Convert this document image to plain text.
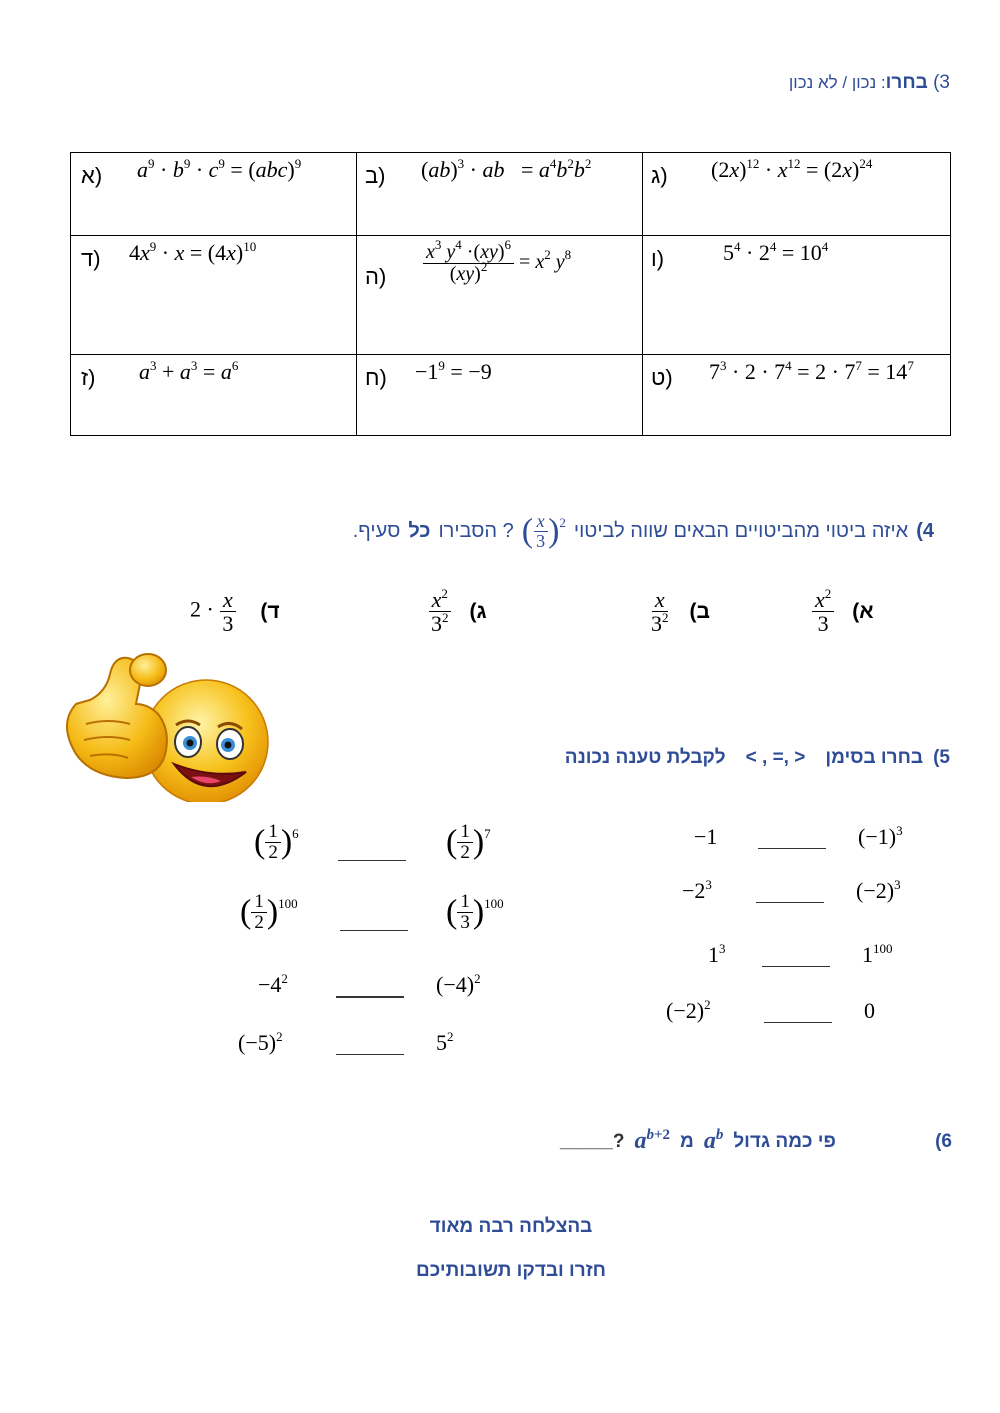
3) בחרו: נכון / לא נכון
א) $a^9 \cdot b^9 \cdot c^9 = (abc)^9$	ב) (ab)$^3$ · ab   = $a^4b^2b^2$	ג) $(2x)^{12} \cdot x^{12} = (2x)^{24}$

ד) $4x^9 \cdot x = (4x)^{10}$	ה) $\frac{x^3 y^4 \cdot(xy)^6}{(xy)^2} = x^2$ $y^8$	ו) $5^4 \cdot 2^4 = 10^4$

ז) $a^3 + a^3 = a^6$	ח) $-1^9 = -9$	ט) $7^3 \cdot 2 \cdot 7^4 = 2 \cdot 7^7 = 14^7$
4)
איזה ביטוי מהביטויים הבאים שווה לביטוי
( $\frac{x}{3} )^2$
? הסבירו
כל
סעיף.
$\frac{x^2}{3}$ (א
$\frac{x}{3^2}$ (ב
$\frac{x^2}{3^2}$ (ג
$2 \cdot \frac{x}{3}$ (ד
5)
בחרו בסימן
< , =, >
לקבלת טענה נכונה
−1	$(-1)^3$
$-2^3$	$(-2)^3$
$1^3$	$1^{100}$
$(-2)^2$	0
( $\frac{1}{2} )^6$	( $\frac{1}{2} )^7$
( $\frac{1}{2} )^{100}$	( $\frac{1}{3} )^{100}$
$-4^2$	$(-4)^2$
$(-5)^2$	$5^2$
6)
פי כמה גדול
$a^b$
מ
$a^{b+2}$
_____?
בהצלחה רבה מאוד
חזרו ובדקו תשובותיכם
